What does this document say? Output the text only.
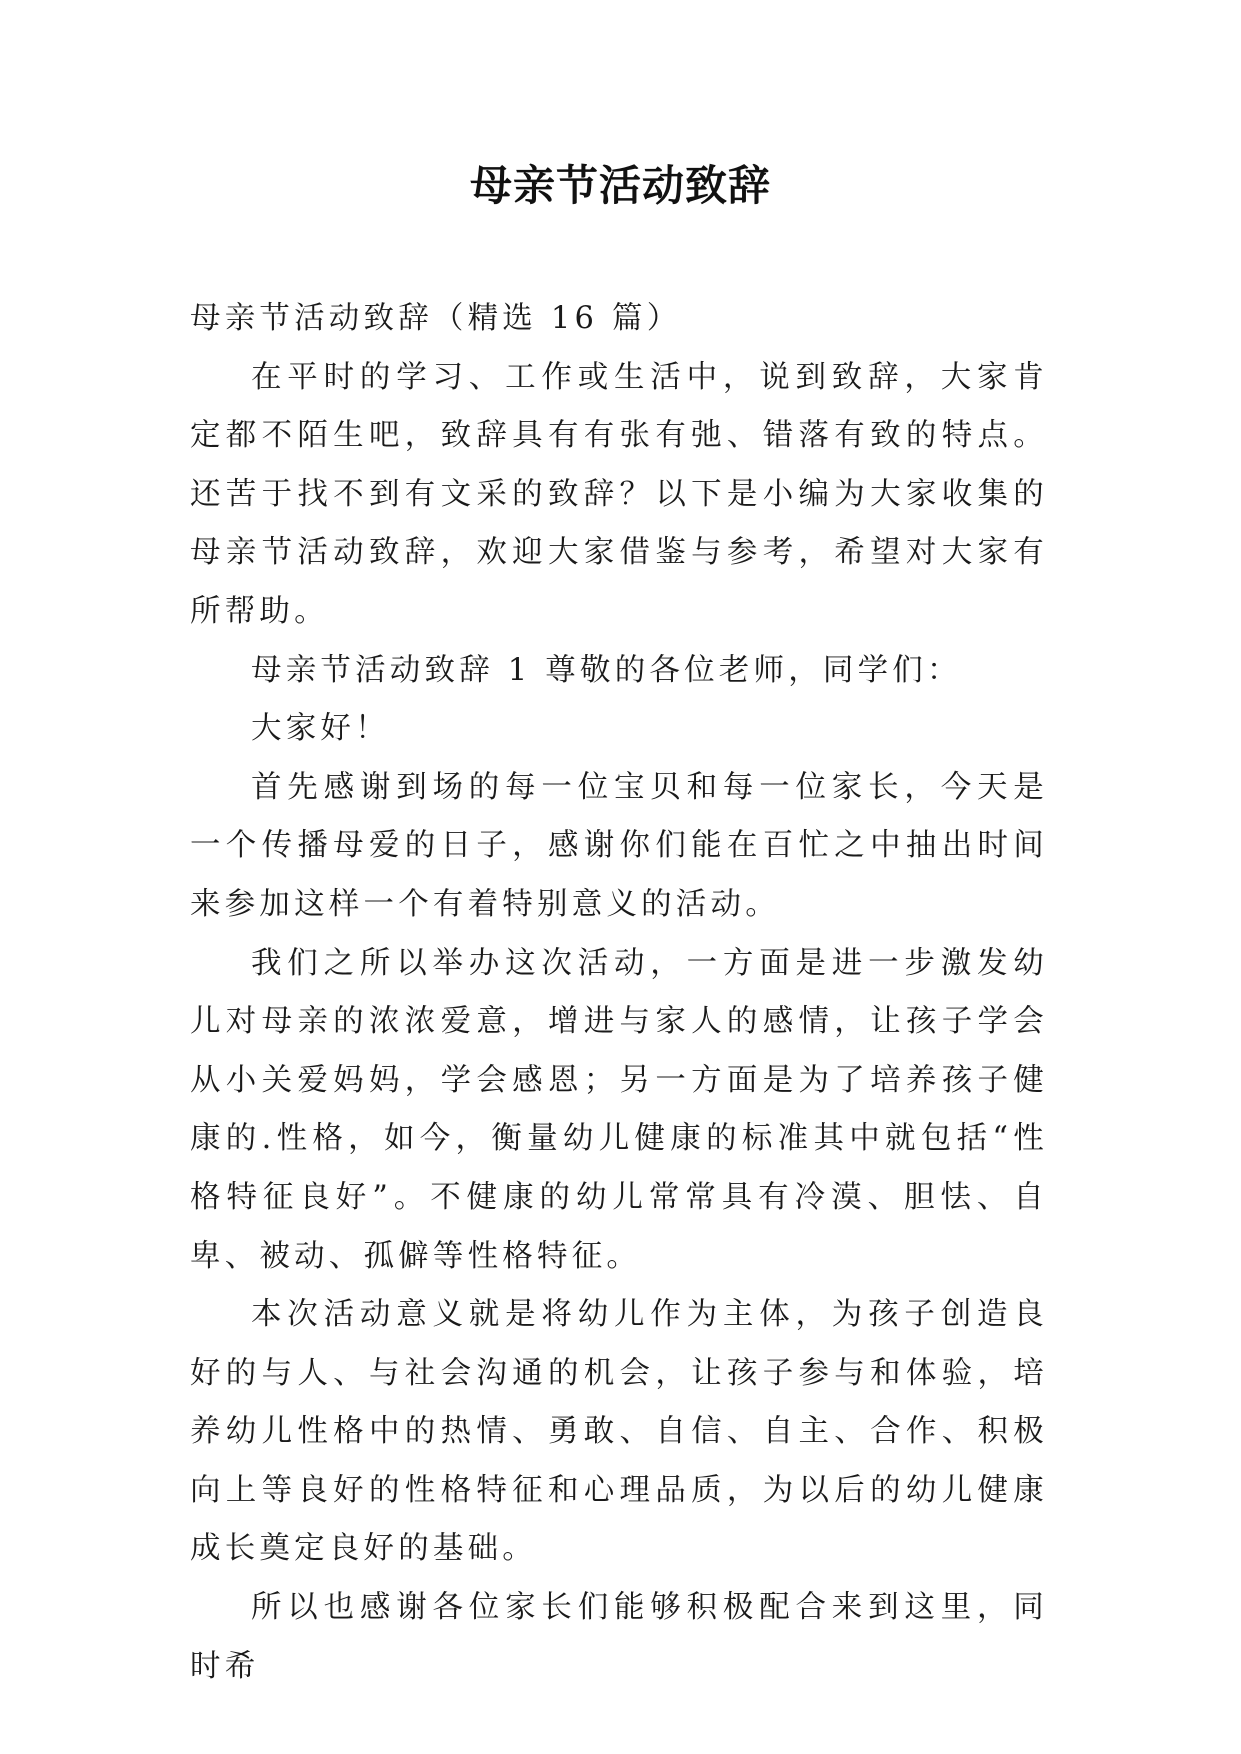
母亲节活动致辞

母亲节活动致辞（精选 16 篇）

在平时的学习、工作或生活中，说到致辞，大家肯定都不陌生吧，致辞具有有张有弛、错落有致的特点。还苦于找不到有文采的致辞？以下是小编为大家收集的母亲节活动致辞，欢迎大家借鉴与参考，希望对大家有所帮助。

母亲节活动致辞 1 尊敬的各位老师，同学们：

大家好！

首先感谢到场的每一位宝贝和每一位家长，今天是一个传播母爱的日子，感谢你们能在百忙之中抽出时间来参加这样一个有着特别意义的活动。

我们之所以举办这次活动，一方面是进一步激发幼儿对母亲的浓浓爱意，增进与家人的感情，让孩子学会从小关爱妈妈，学会感恩；另一方面是为了培养孩子健康的.性格，如今，衡量幼儿健康的标准其中就包括“性格特征良好”。不健康的幼儿常常具有冷漠、胆怯、自卑、被动、孤僻等性格特征。

本次活动意义就是将幼儿作为主体，为孩子创造良好的与人、与社会沟通的机会，让孩子参与和体验，培养幼儿性格中的热情、勇敢、自信、自主、合作、积极向上等良好的性格特征和心理品质，为以后的幼儿健康成长奠定良好的基础。

所以也感谢各位家长们能够积极配合来到这里，同时希
